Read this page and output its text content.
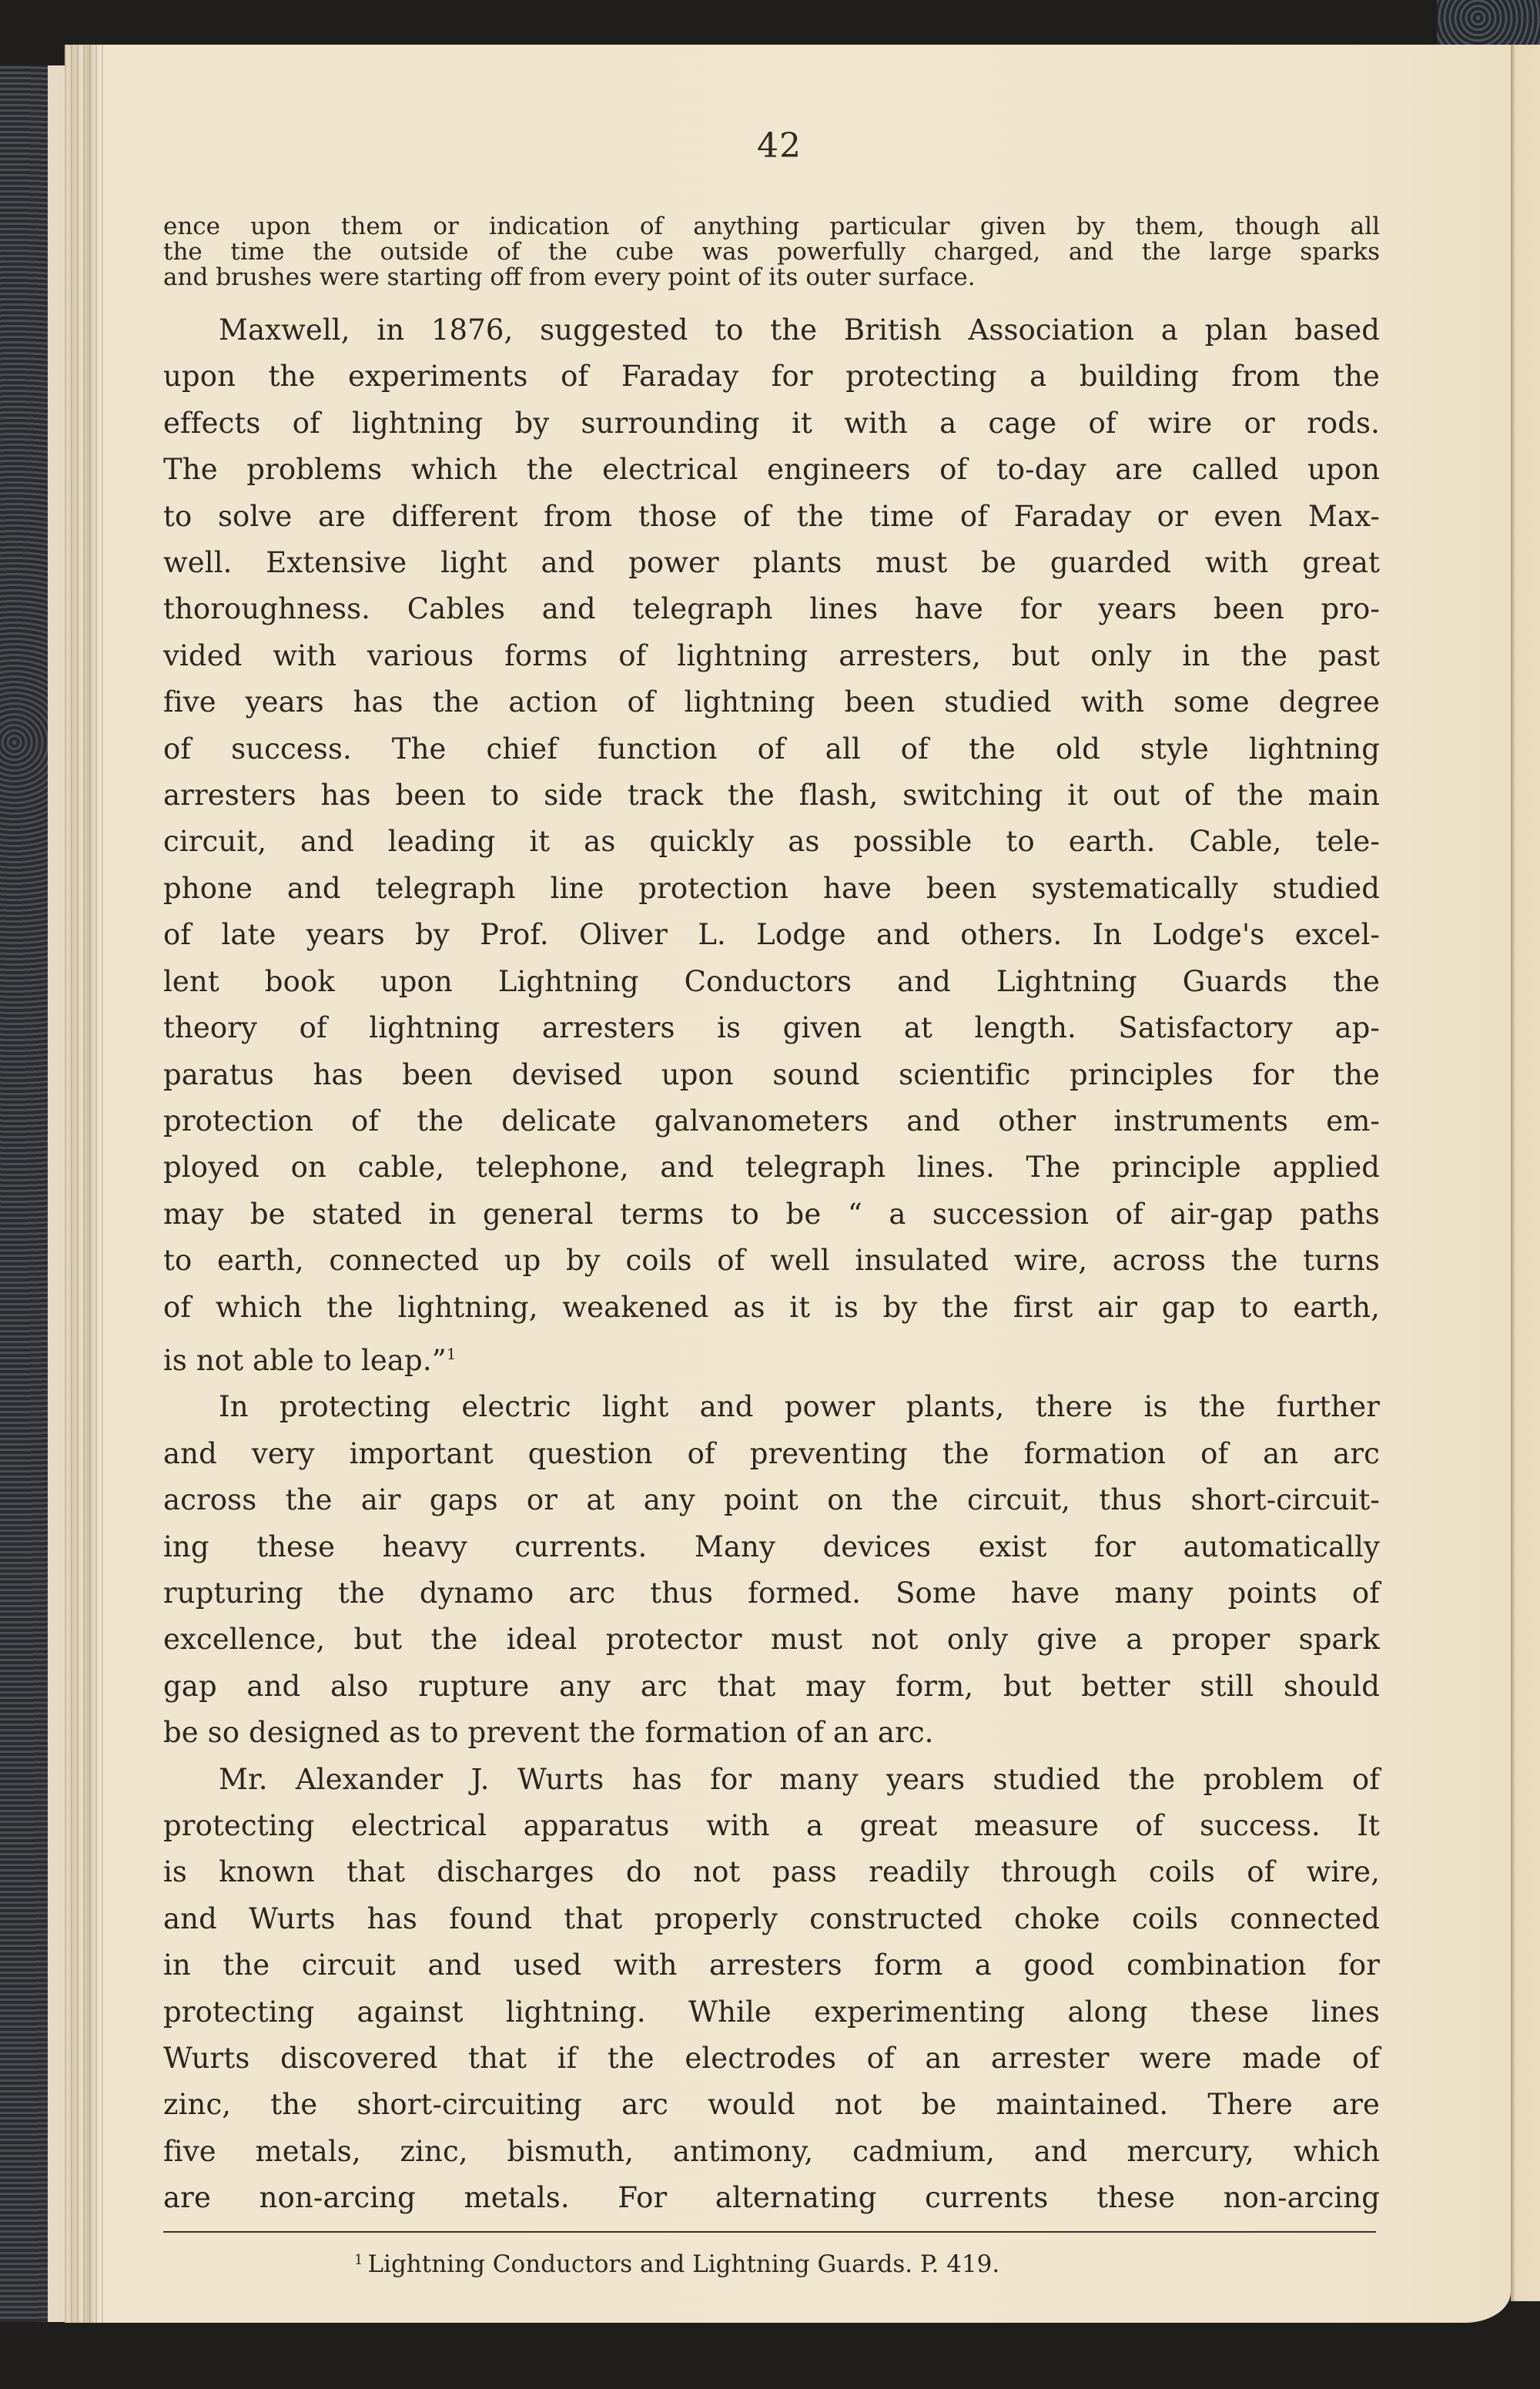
42
ence upon them or indication of anything particular given by them, though all
the time the outside of the cube was powerfully charged, and the large sparks
and brushes were starting off from every point of its outer surface.
Maxwell, in 1876, suggested to the British Association a plan based
upon the experiments of Faraday for protecting a building from the
effects of lightning by surrounding it with a cage of wire or rods.
The problems which the electrical engineers of to-day are called upon
to solve are different from those of the time of Faraday or even Max-
well. Extensive light and power plants must be guarded with great
thoroughness. Cables and telegraph lines have for years been pro-
vided with various forms of lightning arresters, but only in the past
five years has the action of lightning been studied with some degree
of success. The chief function of all of the old style lightning
arresters has been to side track the flash, switching it out of the main
circuit, and leading it as quickly as possible to earth. Cable, tele-
phone and telegraph line protection have been systematically studied
of late years by Prof. Oliver L. Lodge and others. In Lodge's excel-
lent book upon Lightning Conductors and Lightning Guards the
theory of lightning arresters is given at length. Satisfactory ap-
paratus has been devised upon sound scientific principles for the
protection of the delicate galvanometers and other instruments em-
ployed on cable, telephone, and telegraph lines. The principle applied
may be stated in general terms to be “ a succession of air-gap paths
to earth, connected up by coils of well insulated wire, across the turns
of which the lightning, weakened as it is by the first air gap to earth,
is not able to leap.”$^1$
In protecting electric light and power plants, there is the further
and very important question of preventing the formation of an arc
across the air gaps or at any point on the circuit, thus short-circuit-
ing these heavy currents. Many devices exist for automatically
rupturing the dynamo arc thus formed. Some have many points of
excellence, but the ideal protector must not only give a proper spark
gap and also rupture any arc that may form, but better still should
be so designed as to prevent the formation of an arc.
Mr. Alexander J. Wurts has for many years studied the problem of
protecting electrical apparatus with a great measure of success. It
is known that discharges do not pass readily through coils of wire,
and Wurts has found that properly constructed choke coils connected
in the circuit and used with arresters form a good combination for
protecting against lightning. While experimenting along these lines
Wurts discovered that if the electrodes of an arrester were made of
zinc, the short-circuiting arc would not be maintained. There are
five metals, zinc, bismuth, antimony, cadmium, and mercury, which
are non-arcing metals. For alternating currents these non-arcing
$^1$ Lightning Conductors and Lightning Guards. P. 419.
